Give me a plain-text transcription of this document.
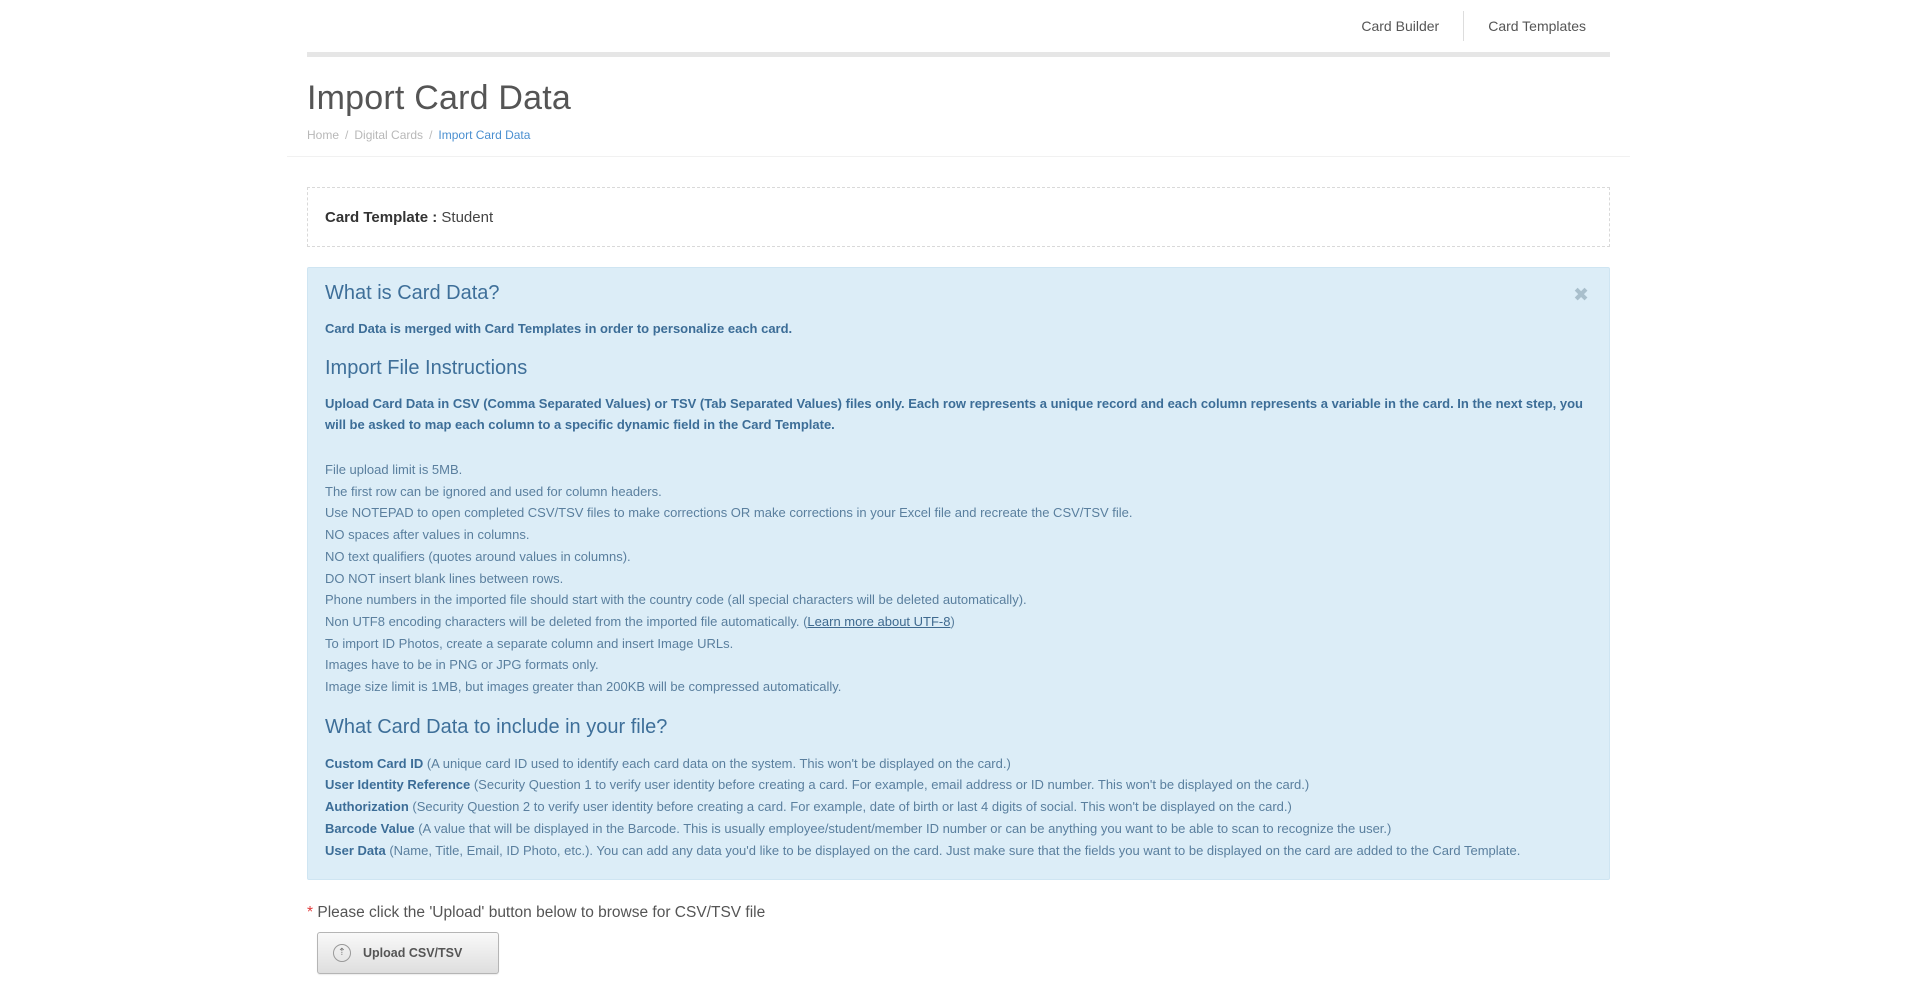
Card Builder	Card Templates
Import Card Data
Home / Digital Cards / Import Card Data
Card Template :
Student
✖
What is Card Data?
Card Data is merged with Card Templates in order to personalize each card.
Import File Instructions
Upload Card Data in CSV (Comma Separated Values) or TSV (Tab Separated Values) files only. Each row represents a unique record and each column represents a variable in the card. In the next step, you will be asked to map each column to a specific dynamic field in the Card Template.
File upload limit is 5MB.
The first row can be ignored and used for column headers.
Use NOTEPAD to open completed CSV/TSV files to make corrections OR make corrections in your Excel file and recreate the CSV/TSV file.
NO spaces after values in columns.
NO text qualifiers (quotes around values in columns).
DO NOT insert blank lines between rows.
Phone numbers in the imported file should start with the country code (all special characters will be deleted automatically).
Non UTF8 encoding characters will be deleted from the imported file automatically. (Learn more about UTF-8)
To import ID Photos, create a separate column and insert Image URLs.
Images have to be in PNG or JPG formats only.
Image size limit is 1MB, but images greater than 200KB will be compressed automatically.
What Card Data to include in your file?
Custom Card ID (A unique card ID used to identify each card data on the system. This won't be displayed on the card.)
User Identity Reference (Security Question 1 to verify user identity before creating a card. For example, email address or ID number. This won't be displayed on the card.)
Authorization (Security Question 2 to verify user identity before creating a card. For example, date of birth or last 4 digits of social. This won't be displayed on the card.)
Barcode Value (A value that will be displayed in the Barcode. This is usually employee/student/member ID number or can be anything you want to be able to scan to recognize the user.)
User Data (Name, Title, Email, ID Photo, etc.). You can add any data you'd like to be displayed on the card. Just make sure that the fields you want to be displayed on the card are added to the Card Template.
* Please click the 'Upload' button below to browse for CSV/TSV file
⇡	Upload CSV/TSV
